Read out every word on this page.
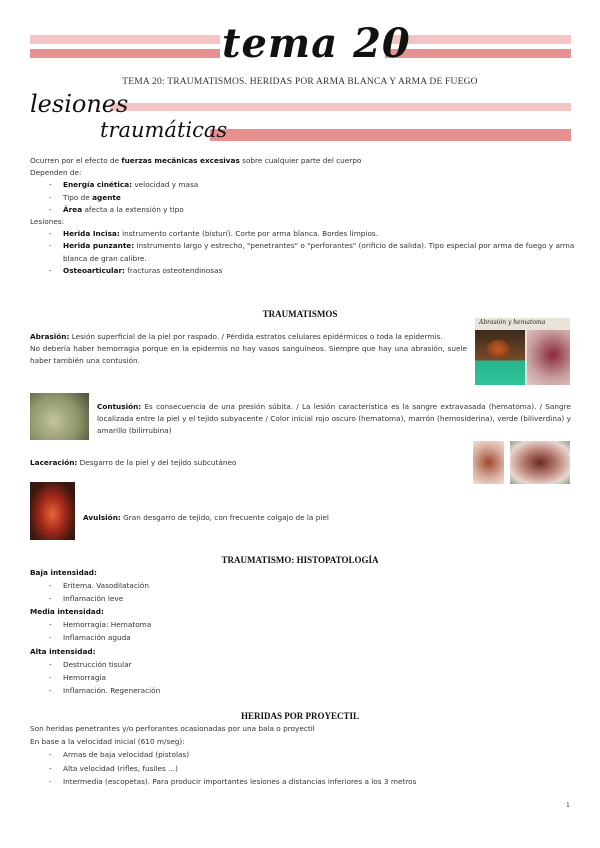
tema 20
TEMA 20: TRAUMATISMOS. HERIDAS POR ARMA BLANCA Y ARMA DE FUEGO
lesiones
traumáticas
Ocurren por el efecto de fuerzas mecánicas excesivas sobre cualquier parte del cuerpo
Dependen de:
- Energía cinética: velocidad y masa
- Tipo de agente
- Área afecta a la extensión y tipo
Lesiones:
- Herida Incisa: instrumento cortante (bisturí). Corte por arma blanca. Bordes limpios.
- Herida punzante: instrumento largo y estrecho, "penetrantes" o "perforantes" (orificio de salida). Tipo especial por arma de fuego y arma blanca de gran calibre.
- Osteoarticular: fracturas osteotendinosas
TRAUMATISMOS
Abrasión: Lesión superficial de la piel por raspado. / Pérdida estratos celulares epidérmicos o toda la epidermis.
No debería haber hemorragia porque en la epidermis no hay vasos sanguíneos. Siempre que hay una abrasión, suele haber también una contusión.
Abrasión y hematoma
Contusión: Es consecuencia de una presión súbita. / La lesión característica es la sangre extravasada (hematoma). / Sangre localizada entre la piel y el tejido subyacente / Color inicial rojo oscuro (hematoma), marrón (hemosiderina), verde (biliverdina) y amarillo (bilirrubina)
Laceración: Desgarro de la piel y del tejido subcutáneo
Avulsión: Gran desgarro de tejido, con frecuente colgajo de la piel
TRAUMATISMO: HISTOPATOLOGÍA
Baja intensidad:
- Eritema. Vasodilatación
- Inflamación leve
Media intensidad:
- Hemorragia: Hematoma
- Inflamación aguda
Alta intensidad:
- Destrucción tisular
- Hemorragia
- Inflamación. Regeneración
HERIDAS POR PROYECTIL
Son heridas penetrantes y/o perforantes ocasionadas por una bala o proyectil
En base a la velocidad inicial (610 m/seg):
- Armas de baja velocidad (pistolas)
- Alta velocidad (rifles, fusiles ...)
- Intermedia (escopetas). Para producir importantes lesiones a distancias inferiores a los 3 metros
1
